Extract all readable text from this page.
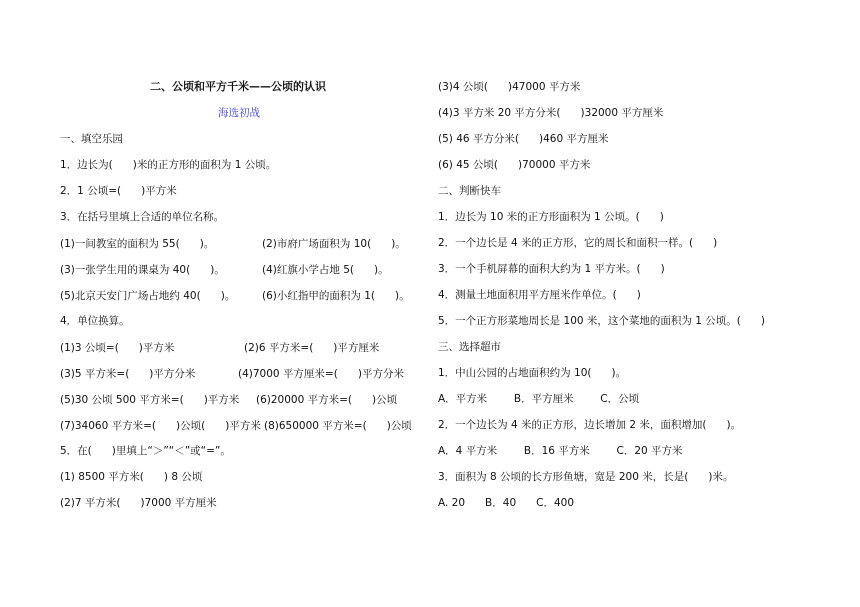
二、公顷和平方千米——公顷的认识
海选初战
一、填空乐园
1．边长为(      )米的正方形的面积为 1 公顷。
2．1 公顷=(      )平方米
3．在括号里填上合适的单位名称。
(1)一间教室的面积为 55(      )。	(2)市府广场面积为 10(      )。
(3)一张学生用的课桌为 40(      )。	(4)红旗小学占地 5(      )。
(5)北京天安门广场占地约 40(      )。	(6)小红指甲的面积为 1(      )。
4．单位换算。
(1)3 公顷=(      )平方米	(2)6 平方米=(      )平方厘米
(3)5 平方米=(      )平方分米	(4)7000 平方厘米=(      )平方分米
(5)30 公顷 500 平方米=(      )平方米 (6)20000 平方米=(      )公顷
(7)34060 平方米=(      )公顷(      )平方米 (8)650000 平方米=(      )公顷
5．在(      )里填上“＞”“＜”或“=”。
(1) 8500 平方米(      ) 8 公顷
(2)7 平方米(      )7000 平方厘米
(3)4 公顷(      )47000 平方米
(4)3 平方米 20 平方分米(      )32000 平方厘米
(5) 46 平方分米(      )460 平方厘米
(6) 45 公顷(      )70000 平方米
二、判断快车
1．边长为 10 米的正方形面积为 1 公顷。(      )
2．一个边长是 4 米的正方形，它的周长和面积一样。(      )
3．一个手机屏幕的面积大约为 1 平方米。(      )
4．测量土地面积用平方厘米作单位。(      )
5．一个正方形菜地周长是 100 米，这个菜地的面积为 1 公顷。(      )
三、选择超市
1．中山公园的占地面积约为 10(      )。
A．平方米        B．平方厘米        C．公顷
2．一个边长为 4 米的正方形，边长增加 2 米，面积增加(      )。
A．4 平方米        B．16 平方米        C．20 平方米
3．面积为 8 公顷的长方形鱼塘，宽是 200 米，长是(      )米。
A. 20      B．40      C．400
